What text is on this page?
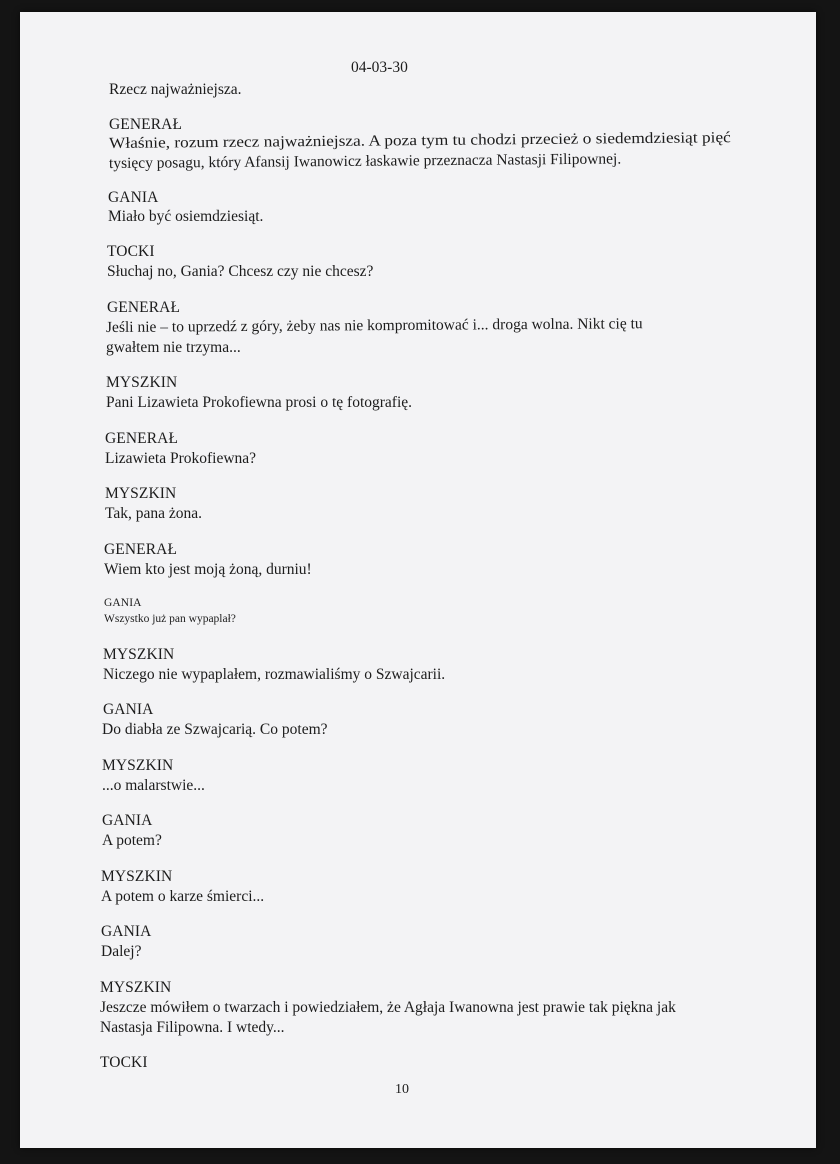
04-03-30
Rzecz najważniejsza.
GENERAŁ
Właśnie, rozum rzecz najważniejsza. A poza tym tu chodzi przecież o siedemdziesiąt pięć
tysięcy posagu, który Afansij Iwanowicz łaskawie przeznacza Nastasji Filipownej.
GANIA
Miało być osiemdziesiąt.
TOCKI
Słuchaj no, Gania? Chcesz czy nie chcesz?
GENERAŁ
Jeśli nie – to uprzedź z góry, żeby nas nie kompromitować i... droga wolna. Nikt cię tu
gwałtem nie trzyma...
MYSZKIN
Pani Lizawieta Prokofiewna prosi o tę fotografię.
GENERAŁ
Lizawieta Prokofiewna?
MYSZKIN
Tak, pana żona.
GENERAŁ
Wiem kto jest moją żoną, durniu!
GANIA
Wszystko już pan wypaplał?
MYSZKIN
Niczego nie wypaplałem, rozmawialiśmy o Szwajcarii.
GANIA
Do diabła ze Szwajcarią. Co potem?
MYSZKIN
...o malarstwie...
GANIA
A potem?
MYSZKIN
A potem o karze śmierci...
GANIA
Dalej?
MYSZKIN
Jeszcze mówiłem o twarzach i powiedziałem, że Agłaja Iwanowna jest prawie tak piękna jak
Nastasja Filipowna. I wtedy...
TOCKI
10
